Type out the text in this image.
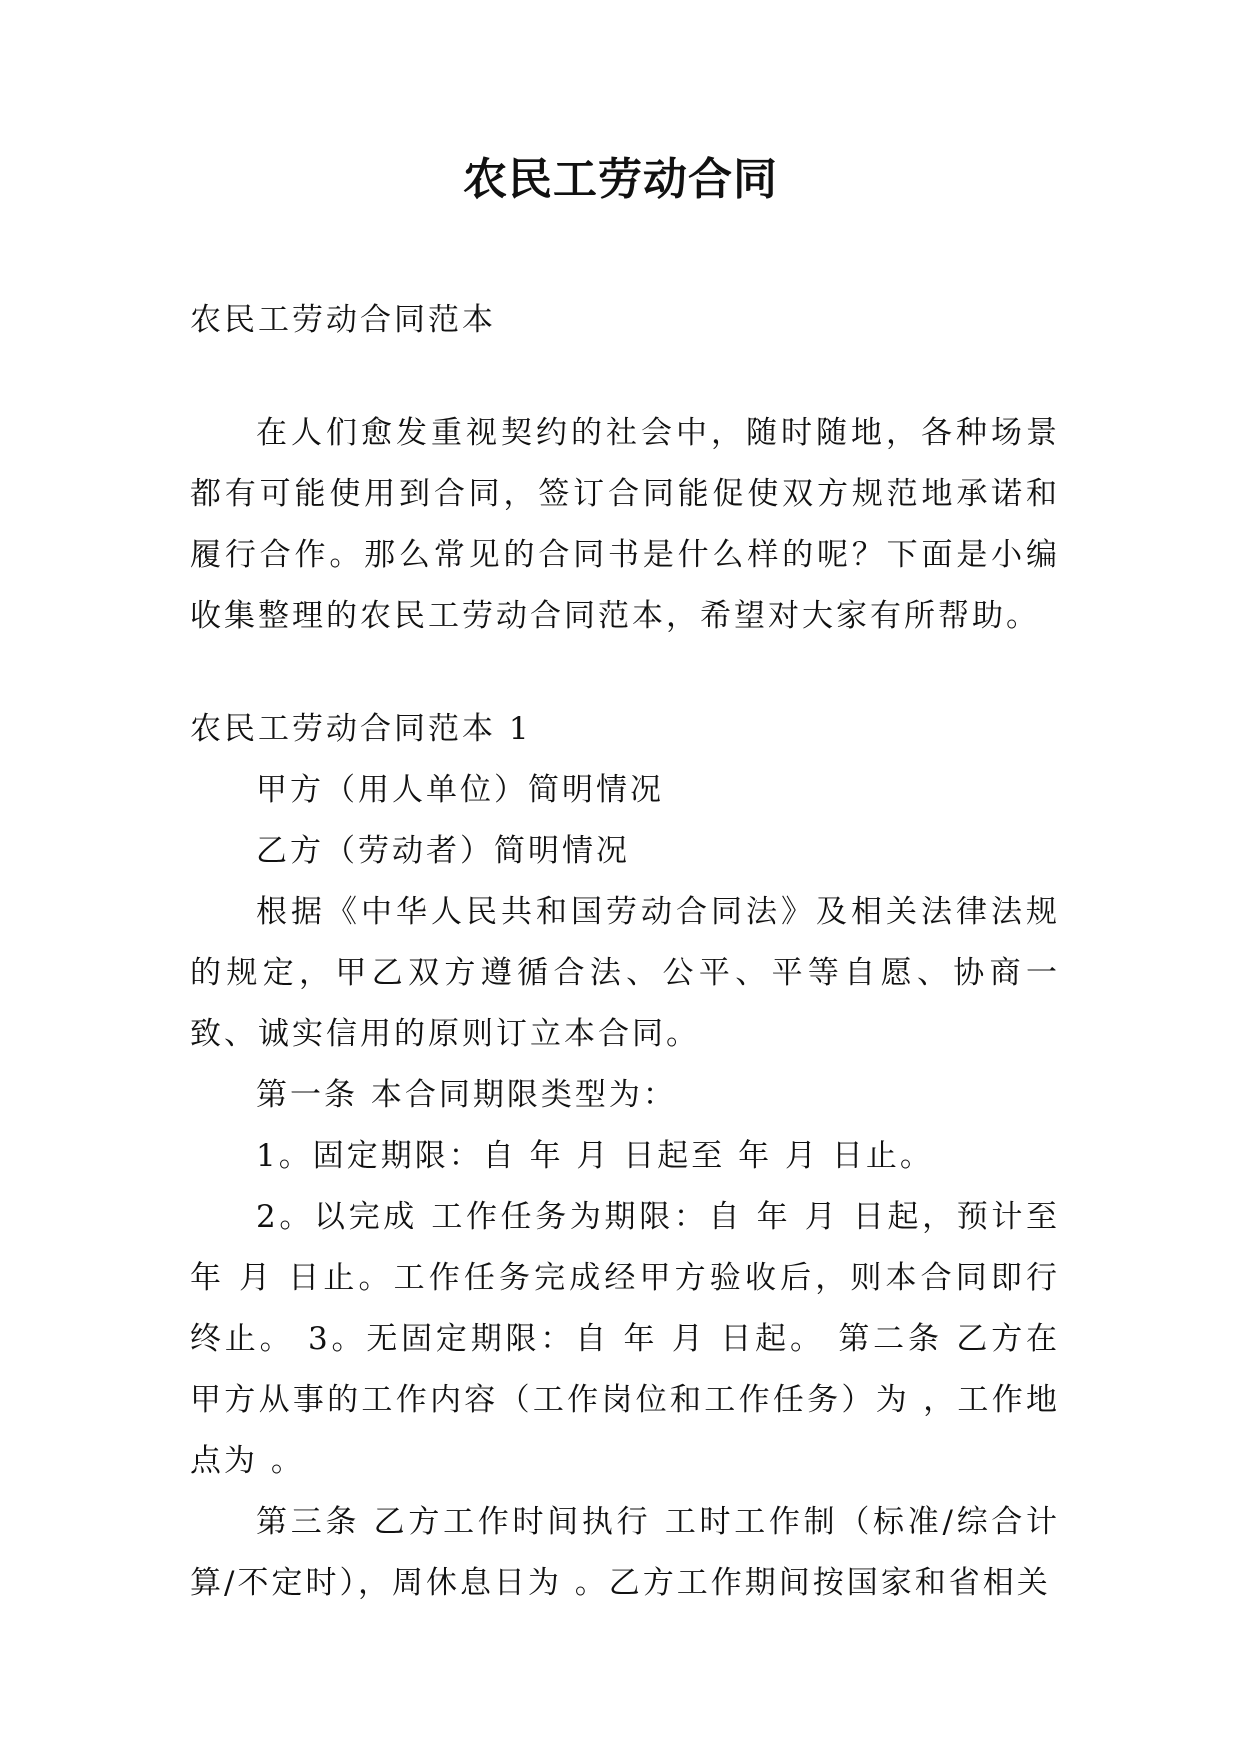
农民工劳动合同

农民工劳动合同范本

在人们愈发重视契约的社会中，随时随地，各种场景都有可能使用到合同，签订合同能促使双方规范地承诺和履行合作。那么常见的合同书是什么样的呢？下面是小编收集整理的农民工劳动合同范本，希望对大家有所帮助。

农民工劳动合同范本 1

甲方（用人单位）简明情况

乙方（劳动者）简明情况

根据《中华人民共和国劳动合同法》及相关法律法规的规定，甲乙双方遵循合法、公平、平等自愿、协商一致、诚实信用的原则订立本合同。

第一条 本合同期限类型为：

1。固定期限：自 年 月 日起至 年 月 日止。

2。以完成 工作任务为期限：自 年 月 日起，预计至 年 月 日止。工作任务完成经甲方验收后，则本合同即行终止。 3。无固定期限：自 年 月 日起。 第二条 乙方在甲方从事的工作内容（工作岗位和工作任务）为 ，工作地点为 。

第三条 乙方工作时间执行 工时工作制（标准/综合计算/不定时），周休息日为 。乙方工作期间按国家和省相关
